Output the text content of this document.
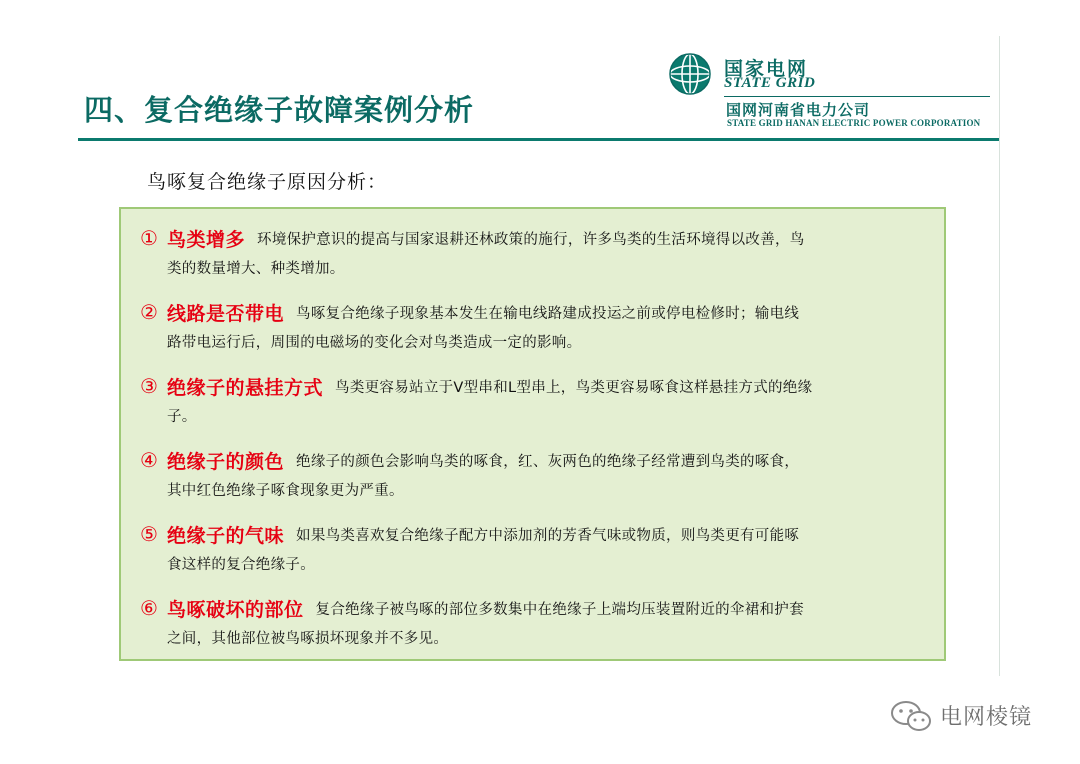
国家电网
STATE GRID
国网河南省电力公司
STATE GRID HANAN ELECTRIC POWER CORPORATION
四、复合绝缘子故障案例分析
鸟啄复合绝缘子原因分析：
① 鸟类增多 环境保护意识的提高与国家退耕还林政策的施行，许多鸟类的生活环境得以改善，鸟
类的数量增大、种类增加。
② 线路是否带电 鸟啄复合绝缘子现象基本发生在输电线路建成投运之前或停电检修时；输电线
路带电运行后，周围的电磁场的变化会对鸟类造成一定的影响。
③ 绝缘子的悬挂方式 鸟类更容易站立于V型串和L型串上，鸟类更容易啄食这样悬挂方式的绝缘
子。
④ 绝缘子的颜色 绝缘子的颜色会影响鸟类的啄食，红、灰两色的绝缘子经常遭到鸟类的啄食，
其中红色绝缘子啄食现象更为严重。
⑤ 绝缘子的气味 如果鸟类喜欢复合绝缘子配方中添加剂的芳香气味或物质，则鸟类更有可能啄
食这样的复合绝缘子。
⑥ 鸟啄破坏的部位 复合绝缘子被鸟啄的部位多数集中在绝缘子上端均压装置附近的伞裙和护套
之间，其他部位被鸟啄损坏现象并不多见。
电网棱镜
